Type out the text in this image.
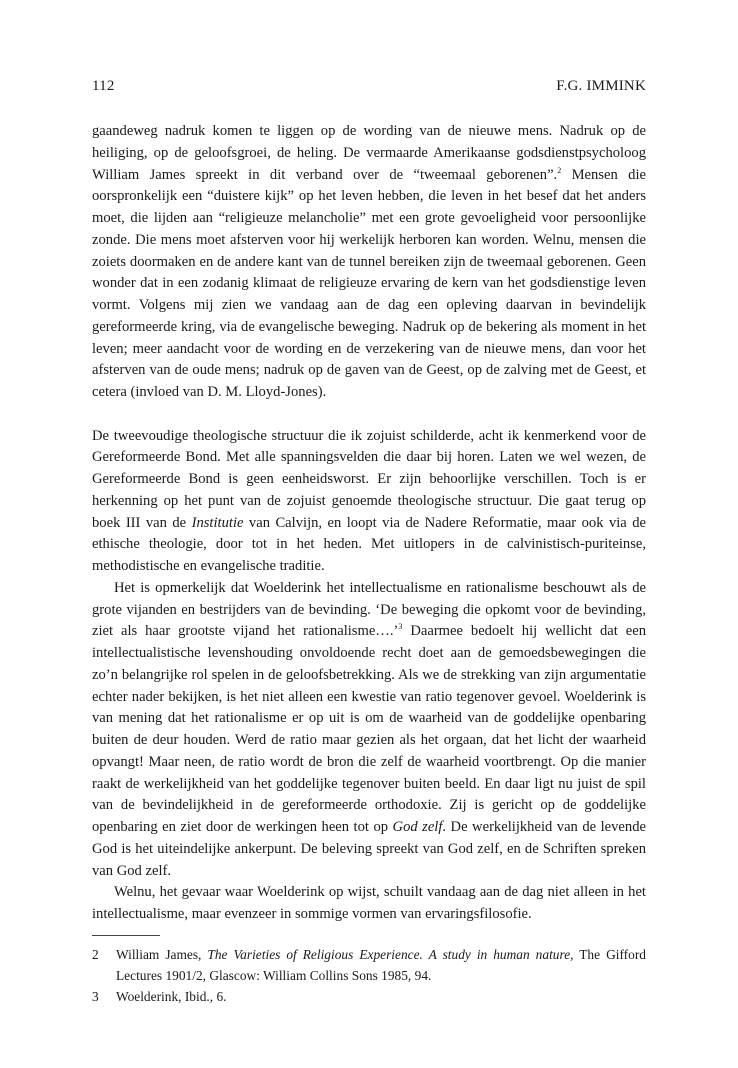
112	F.G. IMMINK

gaandeweg nadruk komen te liggen op de wording van de nieuwe mens. Nadruk op de heiliging, op de geloofsgroei, de heling. De vermaarde Amerikaanse godsdienstpsycholoog William James spreekt in dit verband over de “tweemaal geborenen”.$^2$ Mensen die oorspronkelijk een “duistere kijk” op het leven hebben, die leven in het besef dat het anders moet, die lijden aan “religieuze melancholie” met een grote gevoeligheid voor persoonlijke zonde. Die mens moet afsterven voor hij werkelijk herboren kan worden. Welnu, mensen die zoiets doormaken en de andere kant van de tunnel bereiken zijn de tweemaal geborenen. Geen wonder dat in een zodanig klimaat de religieuze ervaring de kern van het godsdienstige leven vormt. Volgens mij zien we vandaag aan de dag een opleving daarvan in bevindelijk gereformeerde kring, via de evangelische beweging. Nadruk op de bekering als moment in het leven; meer aandacht voor de wording en de verzekering van de nieuwe mens, dan voor het afsterven van de oude mens; nadruk op de gaven van de Geest, op de zalving met de Geest, et cetera (invloed van D. M. Lloyd-Jones).

De tweevoudige theologische structuur die ik zojuist schilderde, acht ik kenmerkend voor de Gereformeerde Bond. Met alle spanningsvelden die daar bij horen. Laten we wel wezen, de Gereformeerde Bond is geen eenheidsworst. Er zijn behoorlijke verschillen. Toch is er herkenning op het punt van de zojuist genoemde theologische structuur. Die gaat terug op boek III van de Institutie van Calvijn, en loopt via de Nadere Reformatie, maar ook via de ethische theologie, door tot in het heden. Met uitlopers in de calvinistisch-puriteinse, methodistische en evangelische traditie.

Het is opmerkelijk dat Woelderink het intellectualisme en rationalisme beschouwt als de grote vijanden en bestrijders van de bevinding. ‘De beweging die opkomt voor de bevinding, ziet als haar grootste vijand het rationalisme….’$^3$ Daarmee bedoelt hij wellicht dat een intellectualistische levenshouding onvoldoende recht doet aan de gemoedsbewegingen die zo’n belangrijke rol spelen in de geloofsbetrekking. Als we de strekking van zijn argumentatie echter nader bekijken, is het niet alleen een kwestie van ratio tegenover gevoel. Woelderink is van mening dat het rationalisme er op uit is om de waarheid van de goddelijke openbaring buiten de deur houden. Werd de ratio maar gezien als het orgaan, dat het licht der waarheid opvangt! Maar neen, de ratio wordt de bron die zelf de waarheid voortbrengt. Op die manier raakt de werkelijkheid van het goddelijke tegenover buiten beeld. En daar ligt nu juist de spil van de bevindelijkheid in de gereformeerde orthodoxie. Zij is gericht op de goddelijke openbaring en ziet door de werkingen heen tot op God zelf. De werkelijkheid van de levende God is het uiteindelijke ankerpunt. De beleving spreekt van God zelf, en de Schriften spreken van God zelf.

Welnu, het gevaar waar Woelderink op wijst, schuilt vandaag aan de dag niet alleen in het intellectualisme, maar evenzeer in sommige vormen van ervaringsfilosofie.

2	William James, The Varieties of Religious Experience. A study in human nature, The Gifford Lectures 1901/2, Glascow: William Collins Sons 1985, 94.
3	Woelderink, Ibid., 6.
